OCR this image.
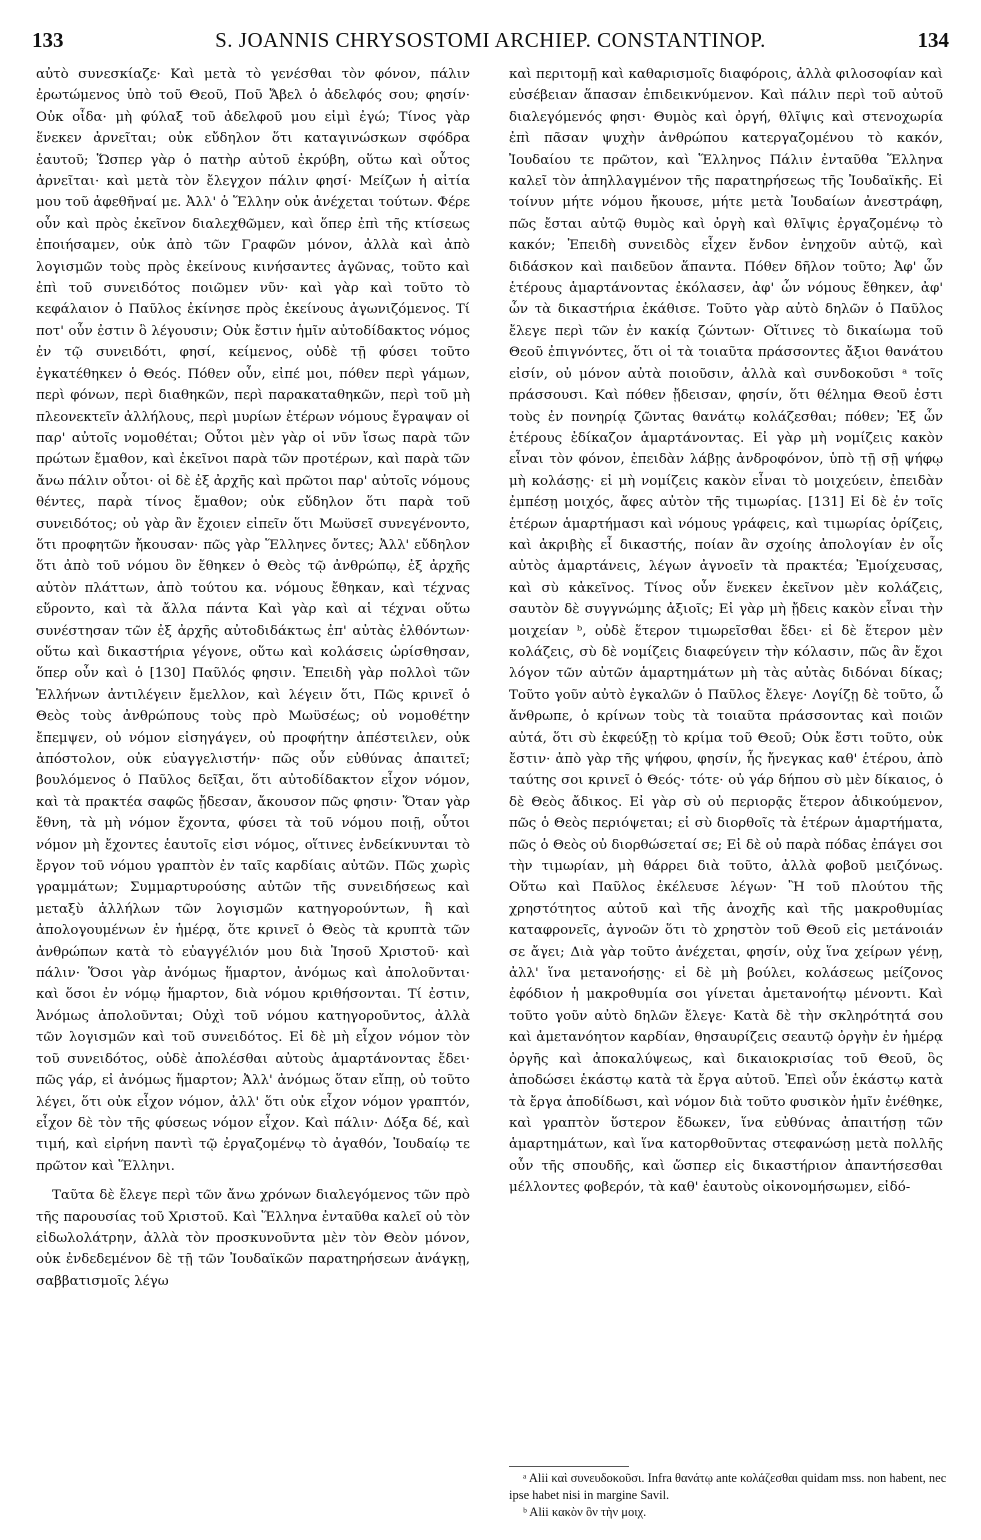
133	S. JOANNIS CHRYSOSTOMI ARCHIEP. CONSTANTINOP.	134

αὐτὸ συνεσκίαζε· Καὶ μετὰ τὸ γενέσθαι τὸν φόνον, πάλιν ἐρωτώμενος ὑπὸ τοῦ Θεοῦ, Ποῦ Ἄβελ ὁ ἀδελφός σου; φησίν· Οὐκ οἶδα· μὴ φύλαξ τοῦ ἀδελφοῦ μου εἰμὶ ἐγώ; Τίνος γὰρ ἕνεκεν ἀρνεῖται; οὐκ εὔδηλον ὅτι καταγινώσκων σφόδρα ἑαυτοῦ; Ὥσπερ γὰρ ὁ πατὴρ αὐτοῦ ἐκρύβη, οὕτω καὶ οὗτος ἀρνεῖται· καὶ μετὰ τὸν ἔλεγχον πάλιν φησί· Μείζων ἡ αἰτία μου τοῦ ἀφεθῆναί με. Ἀλλ' ὁ Ἕλλην οὐκ ἀνέχεται τούτων. Φέρε οὖν καὶ πρὸς ἐκεῖνον διαλεχθῶμεν, καὶ ὅπερ ἐπὶ τῆς κτίσεως ἐποιήσαμεν, οὐκ ἀπὸ τῶν Γραφῶν μόνον, ἀλλὰ καὶ ἀπὸ λογισμῶν τοὺς πρὸς ἐκείνους κινήσαντες ἀγῶνας, τοῦτο καὶ ἐπὶ τοῦ συνειδότος ποιῶμεν νῦν· καὶ γὰρ καὶ τοῦτο τὸ κεφάλαιον ὁ Παῦλος ἐκίνησε πρὸς ἐκείνους ἀγωνιζόμενος. Τί ποτ' οὖν ἐστιν ὃ λέγουσιν; Οὐκ ἔστιν ἡμῖν αὐτοδίδακτος νόμος ἐν τῷ συνειδότι, φησί, κείμενος, οὐδὲ τῇ φύσει τοῦτο ἐγκατέθηκεν ὁ Θεός. Πόθεν οὖν, εἰπέ μοι, πόθεν περὶ γάμων, περὶ φόνων, περὶ διαθηκῶν, περὶ παρακαταθηκῶν, περὶ τοῦ μὴ πλεονεκτεῖν ἀλλήλους, περὶ μυρίων ἑτέρων νόμους ἔγραψαν οἱ παρ' αὐτοῖς νομοθέται; Οὗτοι μὲν γὰρ οἱ νῦν ἴσως παρὰ τῶν πρώτων ἔμαθον, καὶ ἐκεῖνοι παρὰ τῶν προτέρων, καὶ παρὰ τῶν ἄνω πάλιν οὗτοι· οἱ δὲ ἐξ ἀρχῆς καὶ πρῶτοι παρ' αὐτοῖς νόμους θέντες, παρὰ τίνος ἔμαθον; οὐκ εὔδηλον ὅτι παρὰ τοῦ συνειδότος; οὐ γὰρ ἂν ἔχοιεν εἰπεῖν ὅτι Μωϋσεῖ συνεγένοντο, ὅτι προφητῶν ἤκουσαν· πῶς γὰρ Ἕλληνες ὄντες; Ἀλλ' εὔδηλον ὅτι ἀπὸ τοῦ νόμου ὃν ἔθηκεν ὁ Θεὸς τῷ ἀνθρώπῳ, ἐξ ἀρχῆς αὐτὸν πλάττων, ἀπὸ τούτου κα. νόμους ἔθηκαν, καὶ τέχνας εὕροντο, καὶ τὰ ἄλλα πάντα Καὶ γὰρ καὶ αἱ τέχναι οὕτω συνέστησαν τῶν ἐξ ἀρχῆς αὐτοδιδάκτως ἐπ' αὐτὰς ἐλθόντων· οὕτω καὶ δικαστήρια γέγονε, οὕτω καὶ κολάσεις ὡρίσθησαν, ὅπερ οὖν καὶ ὁ [130] Παῦλός φησιν. Ἐπειδὴ γὰρ πολλοὶ τῶν Ἑλλήνων ἀντιλέγειν ἔμελλον, καὶ λέγειν ὅτι, Πῶς κρινεῖ ὁ Θεὸς τοὺς ἀνθρώπους τοὺς πρὸ Μωϋσέως; οὐ νομοθέτην ἔπεμψεν, οὐ νόμον εἰσηγάγεν, οὐ προφήτην ἀπέστειλεν, οὐκ ἀπόστολον, οὐκ εὐαγγελιστήν· πῶς οὖν εὐθύνας ἀπαιτεῖ; βουλόμενος ὁ Παῦλος δεῖξαι, ὅτι αὐτοδίδακτον εἶχον νόμον, καὶ τὰ πρακτέα σαφῶς ᾔδεσαν, ἄκουσον πῶς φησιν· Ὅταν γὰρ ἔθνη, τὰ μὴ νόμον ἔχοντα, φύσει τὰ τοῦ νόμου ποιῇ, οὗτοι νόμον μὴ ἔχοντες ἑαυτοῖς εἰσι νόμος, οἵτινες ἐνδείκνυνται τὸ ἔργον τοῦ νόμου γραπτὸν ἐν ταῖς καρδίαις αὐτῶν. Πῶς χωρὶς γραμμάτων; Συμμαρτυρούσης αὐτῶν τῆς συνειδήσεως καὶ μεταξὺ ἀλλήλων τῶν λογισμῶν κατηγορούντων, ἢ καὶ ἀπολογουμένων ἐν ἡμέρᾳ, ὅτε κρινεῖ ὁ Θεὸς τὰ κρυπτὰ τῶν ἀνθρώπων κατὰ τὸ εὐαγγέλιόν μου διὰ Ἰησοῦ Χριστοῦ· καὶ πάλιν· Ὅσοι γὰρ ἀνόμως ἥμαρτον, ἀνόμως καὶ ἀπολοῦνται· καὶ ὅσοι ἐν νόμῳ ἥμαρτον, διὰ νόμου κριθήσονται. Τί ἐστιν, Ἀνόμως ἀπολοῦνται; Οὐχὶ τοῦ νόμου κατηγοροῦντος, ἀλλὰ τῶν λογισμῶν καὶ τοῦ συνειδότος. Εἰ δὲ μὴ εἶχον νόμον τὸν τοῦ συνειδότος, οὐδὲ ἀπολέσθαι αὐτοὺς ἁμαρτάνοντας ἔδει· πῶς γάρ, εἰ ἀνόμως ἥμαρτον; Ἀλλ' ἀνόμως ὅταν εἴπῃ, οὐ τοῦτο λέγει, ὅτι οὐκ εἶχον νόμον, ἀλλ' ὅτι οὐκ εἶχον νόμον γραπτόν, εἶχον δὲ τὸν τῆς φύσεως νόμον εἶχον. Καὶ πάλιν· Δόξα δέ, καὶ τιμή, καὶ εἰρήνη παντὶ τῷ ἐργαζομένῳ τὸ ἀγαθόν, Ἰουδαίῳ τε πρῶτον καὶ Ἕλληνι.

Ταῦτα δὲ ἔλεγε περὶ τῶν ἄνω χρόνων διαλεγόμενος τῶν πρὸ τῆς παρουσίας τοῦ Χριστοῦ. Καὶ Ἕλληνα ἐνταῦθα καλεῖ οὐ τὸν εἰδωλολάτρην, ἀλλὰ τὸν προσκυνοῦντα μὲν τὸν Θεὸν μόνον, οὐκ ἐνδεδεμένον δὲ τῇ τῶν Ἰουδαϊκῶν παρατηρήσεων ἀνάγκῃ, σαββατισμοῖς λέγω

καὶ περιτομῇ καὶ καθαρισμοῖς διαφόροις, ἀλλὰ φιλοσοφίαν καὶ εὐσέβειαν ἅπασαν ἐπιδεικνύμενον. Καὶ πάλιν περὶ τοῦ αὐτοῦ διαλεγόμενός φησι· Θυμὸς καὶ ὀργή, θλῖψις καὶ στενοχωρία ἐπὶ πᾶσαν ψυχὴν ἀνθρώπου κατεργαζομένου τὸ κακόν, Ἰουδαίου τε πρῶτον, καὶ Ἕλληνος Πάλιν ἐνταῦθα Ἕλληνα καλεῖ τὸν ἀπηλλαγμένον τῆς παρατηρήσεως τῆς Ἰουδαϊκῆς. Εἰ τοίνυν μήτε νόμου ἤκουσε, μήτε μετὰ Ἰουδαίων ἀνεστράφη, πῶς ἔσται αὐτῷ θυμὸς καὶ ὀργὴ καὶ θλῖψις ἐργαζομένῳ τὸ κακόν; Ἐπειδὴ συνειδὸς εἶχεν ἔνδον ἐνηχοῦν αὐτῷ, καὶ διδάσκον καὶ παιδεῦον ἅπαντα. Πόθεν δῆλον τοῦτο; Ἀφ' ὧν ἑτέρους ἁμαρτάνοντας ἐκόλασεν, ἀφ' ὧν νόμους ἔθηκεν, ἀφ' ὧν τὰ δικαστήρια ἐκάθισε. Τοῦτο γὰρ αὐτὸ δηλῶν ὁ Παῦλος ἔλεγε περὶ τῶν ἐν κακίᾳ ζώντων· Οἵτινες τὸ δικαίωμα τοῦ Θεοῦ ἐπιγνόντες, ὅτι οἱ τὰ τοιαῦτα πράσσοντες ἄξιοι θανάτου εἰσίν, οὐ μόνον αὐτὰ ποιοῦσιν, ἀλλὰ καὶ συνδοκοῦσι ᵃ τοῖς πράσσουσι. Καὶ πόθεν ᾔδεισαν, φησίν, ὅτι θέλημα Θεοῦ ἐστι τοὺς ἐν πονηρίᾳ ζῶντας θανάτῳ κολάζεσθαι; πόθεν; Ἐξ ὧν ἑτέρους ἐδίκαζον ἁμαρτάνοντας. Εἰ γὰρ μὴ νομίζεις κακὸν εἶναι τὸν φόνον, ἐπειδὰν λάβῃς ἀνδροφόνον, ὑπὸ τῇ σῇ ψήφῳ μὴ κολάσῃς· εἰ μὴ νομίζεις κακὸν εἶναι τὸ μοιχεύειν, ἐπειδὰν ἐμπέσῃ μοιχός, ἄφες αὐτὸν τῆς τιμωρίας. [131] Εἰ δὲ ἐν τοῖς ἑτέρων ἁμαρτήμασι καὶ νόμους γράφεις, καὶ τιμωρίας ὁρίζεις, καὶ ἀκριβὴς εἶ δικαστής, ποίαν ἂν σχοίης ἀπολογίαν ἐν οἷς αὐτὸς ἁμαρτάνεις, λέγων ἀγνοεῖν τὰ πρακτέα; Ἐμοίχευσας, καὶ σὺ κἀκεῖνος. Τίνος οὖν ἕνεκεν ἐκεῖνον μὲν κολάζεις, σαυτὸν δὲ συγγνώμης ἀξιοῖς; Εἰ γὰρ μὴ ᾔδεις κακὸν εἶναι τὴν μοιχείαν ᵇ, οὐδὲ ἕτερον τιμωρεῖσθαι ἔδει· εἰ δὲ ἕτερον μὲν κολάζεις, σὺ δὲ νομίζεις διαφεύγειν τὴν κόλασιν, πῶς ἂν ἔχοι λόγον τῶν αὐτῶν ἁμαρτημάτων μὴ τὰς αὐτὰς διδόναι δίκας; Τοῦτο γοῦν αὐτὸ ἐγκαλῶν ὁ Παῦλος ἔλεγε· Λογίζῃ δὲ τοῦτο, ὦ ἄνθρωπε, ὁ κρίνων τοὺς τὰ τοιαῦτα πράσσοντας καὶ ποιῶν αὐτά, ὅτι σὺ ἐκφεύξῃ τὸ κρίμα τοῦ Θεοῦ; Οὐκ ἔστι τοῦτο, οὐκ ἔστιν· ἀπὸ γὰρ τῆς ψήφου, φησίν, ἧς ἤνεγκας καθ' ἑτέρου, ἀπὸ ταύτης σοι κρινεῖ ὁ Θεός· τότε· οὐ γάρ δήπου σὺ μὲν δίκαιος, ὁ δὲ Θεὸς ἄδικος. Εἰ γὰρ σὺ οὐ περιορᾷς ἕτερον ἀδικούμενον, πῶς ὁ Θεὸς περιόψεται; εἰ σὺ διορθοῖς τὰ ἑτέρων ἁμαρτήματα, πῶς ὁ Θεὸς οὐ διορθώσεταί σε; Εἰ δὲ οὐ παρὰ πόδας ἐπάγει σοι τὴν τιμωρίαν, μὴ θάρρει διὰ τοῦτο, ἀλλὰ φοβοῦ μειζόνως. Οὕτω καὶ Παῦλος ἐκέλευσε λέγων· Ἢ τοῦ πλούτου τῆς χρηστότητος αὐτοῦ καὶ τῆς ἀνοχῆς καὶ τῆς μακροθυμίας καταφρονεῖς, ἀγνοῶν ὅτι τὸ χρηστὸν τοῦ Θεοῦ εἰς μετάνοιάν σε ἄγει; Διὰ γὰρ τοῦτο ἀνέχεται, φησίν, οὐχ ἵνα χείρων γένῃ, ἀλλ' ἵνα μετανοήσῃς· εἰ δὲ μὴ βούλει, κολάσεως μείζονος ἐφόδιον ἡ μακροθυμία σοι γίνεται ἀμετανοήτῳ μένοντι. Καὶ τοῦτο γοῦν αὐτὸ δηλῶν ἔλεγε· Κατὰ δὲ τὴν σκληρότητά σου καὶ ἀμετανόητον καρδίαν, θησαυρίζεις σεαυτῷ ὀργὴν ἐν ἡμέρᾳ ὀργῆς καὶ ἀποκαλύψεως, καὶ δικαιοκρισίας τοῦ Θεοῦ, ὃς ἀποδώσει ἑκάστῳ κατὰ τὰ ἔργα αὐτοῦ. Ἐπεὶ οὖν ἑκάστῳ κατὰ τὰ ἔργα ἀποδίδωσι, καὶ νόμον διὰ τοῦτο φυσικὸν ἡμῖν ἐνέθηκε, καὶ γραπτὸν ὕστερον ἔδωκεν, ἵνα εὐθύνας ἀπαιτήσῃ τῶν ἁμαρτημάτων, καὶ ἵνα κατορθοῦντας στεφανώσῃ μετὰ πολλῆς οὖν τῆς σπουδῆς, καὶ ὥσπερ εἰς δικαστήριον ἀπαντήσεσθαι μέλλοντες φοβερόν, τὰ καθ' ἑαυτοὺς οἰκονομήσωμεν, εἰδό-

ᵃ Alii καὶ συνευδοκοῦσι. Infra θανάτῳ ante κολάζεσθαι quidam mss. non habent, nec ipse habet nisi in margine Savil.

ᵇ Alii κακὸν ὃν τὴν μοιχ.
